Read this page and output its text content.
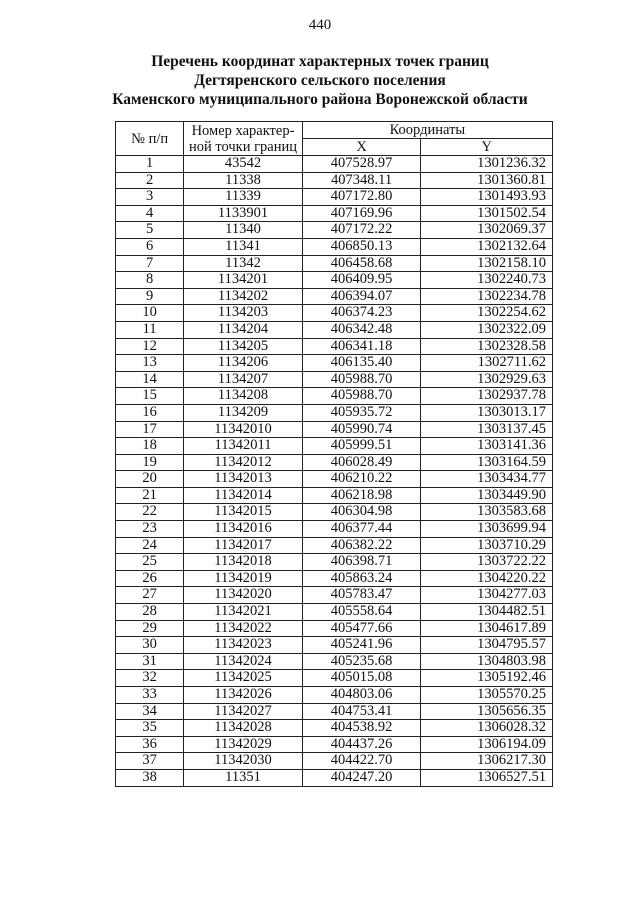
440
Перечень координат характерных точек границ
Дегтяренского сельского поселения
Каменского муниципального района Воронежской области
№ п/п	Номер характер-ной точки границ	Координаты	
		X	Y
1	43542	407528.97	1301236.32
2	11338	407348.11	1301360.81
3	11339	407172.80	1301493.93
4	1133901	407169.96	1301502.54
5	11340	407172.22	1302069.37
6	11341	406850.13	1302132.64
7	11342	406458.68	1302158.10
8	1134201	406409.95	1302240.73
9	1134202	406394.07	1302234.78
10	1134203	406374.23	1302254.62
11	1134204	406342.48	1302322.09
12	1134205	406341.18	1302328.58
13	1134206	406135.40	1302711.62
14	1134207	405988.70	1302929.63
15	1134208	405988.70	1302937.78
16	1134209	405935.72	1303013.17
17	11342010	405990.74	1303137.45
18	11342011	405999.51	1303141.36
19	11342012	406028.49	1303164.59
20	11342013	406210.22	1303434.77
21	11342014	406218.98	1303449.90
22	11342015	406304.98	1303583.68
23	11342016	406377.44	1303699.94
24	11342017	406382.22	1303710.29
25	11342018	406398.71	1303722.22
26	11342019	405863.24	1304220.22
27	11342020	405783.47	1304277.03
28	11342021	405558.64	1304482.51
29	11342022	405477.66	1304617.89
30	11342023	405241.96	1304795.57
31	11342024	405235.68	1304803.98
32	11342025	405015.08	1305192.46
33	11342026	404803.06	1305570.25
34	11342027	404753.41	1305656.35
35	11342028	404538.92	1306028.32
36	11342029	404437.26	1306194.09
37	11342030	404422.70	1306217.30
38	11351	404247.20	1306527.51
